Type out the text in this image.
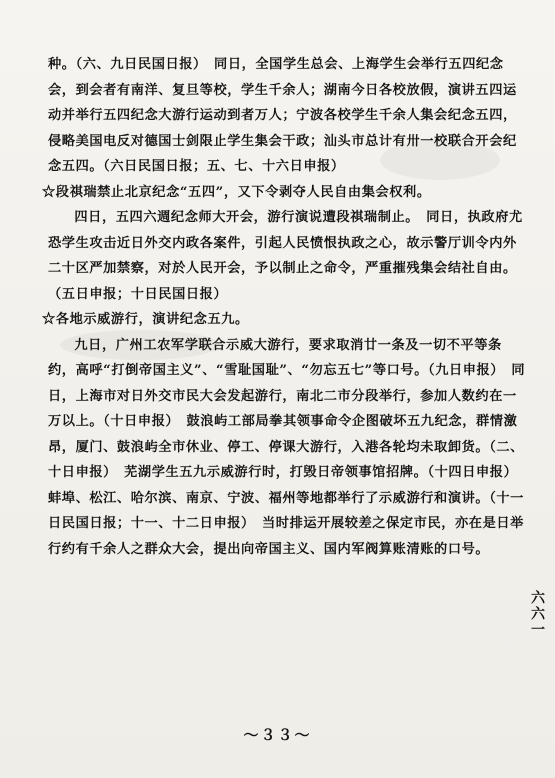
种。（六、九日民国日报）　同日，全国学生总会、上海学生会举行五四纪念会，到会者有南洋、复旦等校，学生千余人；湖南今日各校放假，演讲五四运动并举行五四纪念大游行运动到者万人；宁波各校学生千余人集会纪念五四，侵略美国电反对德国士剑限止学生集会干政；汕头市总计有卅一校联合开会纪念五四。（六日民国日报；五、七、十六日申报）

☆段祺瑞禁止北京纪念“五四”，又下令剥夺人民自由集会权利。

四日，五四六週纪念师大开会，游行演说遭段祺瑞制止。　同日，执政府尤恐学生攻击近日外交内政各案件，引起人民愤恨执政之心，故示警厅训令内外二十区严加禁察，对於人民开会，予以制止之命令，严重摧残集会结社自由。（五日申报；十日民国日报）

☆各地示威游行，演讲纪念五九。

九日，广州工农军学联合示威大游行，要求取消廿一条及一切不平等条约，高呼“打倒帝国主义”、“雪耻国耻”、“勿忘五七”等口号。（九日申报）　同日，上海市对日外交市民大会发起游行，南北二市分段举行，参加人数约在一万以上。（十日申报）　鼓浪屿工部局拳其领事命令企图破坏五九纪念，群情激昂，厦门、鼓浪屿全市休业、停工、停课大游行，入港各轮均未取卸货。（二、十日申报）　芜湖学生五九示威游行时，打毁日帝领事馆招牌。（十四日申报）　蚌埠、松江、哈尔滨、南京、宁波、福州等地都举行了示威游行和演讲。（十一日民国日报；十一、十二日申报）　当时排运开展较差之保定市民，亦在是日举行约有千余人之群众大会，提出向帝国主义、国内军阀算账清账的口号。

六六一
～３３～
